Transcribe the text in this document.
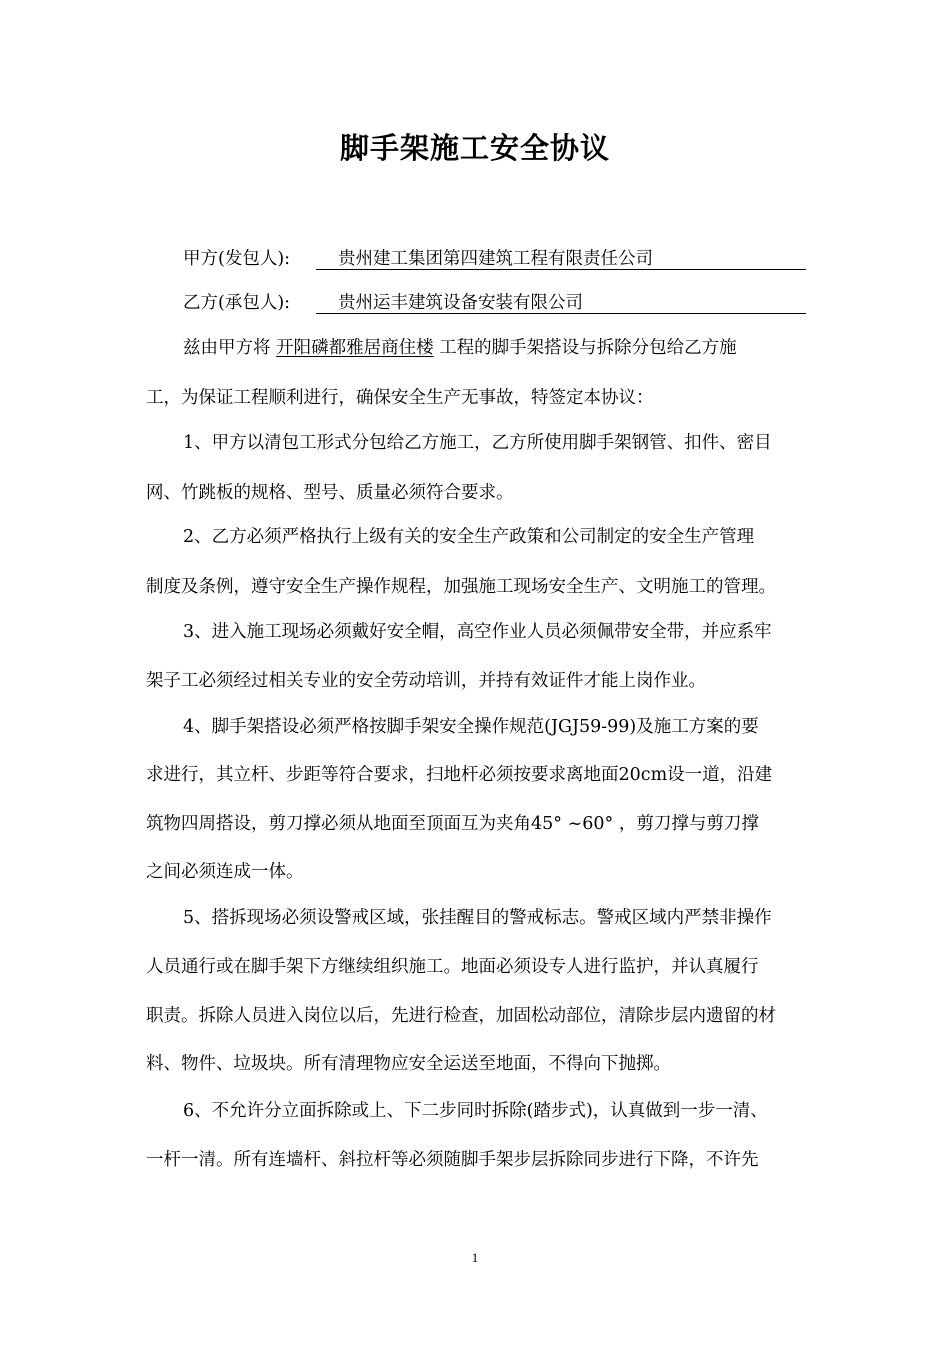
脚手架施工安全协议
甲方(发包人):	贵州建工集团第四建筑工程有限责任公司
乙方(承包人):	贵州运丰建筑设备安装有限公司
兹由甲方将 开阳磷都雅居商住楼 工程的脚手架搭设与拆除分包给乙方施
工，为保证工程顺利进行，确保安全生产无事故，特签定本协议：
1、甲方以清包工形式分包给乙方施工，乙方所使用脚手架钢管、扣件、密目
网、竹跳板的规格、型号、质量必须符合要求。
2、乙方必须严格执行上级有关的安全生产政策和公司制定的安全生产管理
制度及条例，遵守安全生产操作规程，加强施工现场安全生产、文明施工的管理。
3、进入施工现场必须戴好安全帽，高空作业人员必须佩带安全带，并应系牢
架子工必须经过相关专业的安全劳动培训，并持有效证件才能上岗作业。
4、脚手架搭设必须严格按脚手架安全操作规范(JGJ59-99)及施工方案的要
求进行，其立杆、步距等符合要求，扫地杆必须按要求离地面20cm设一道，沿建
筑物四周搭设，剪刀撑必须从地面至顶面互为夹角45° ~60° ，剪刀撑与剪刀撑
之间必须连成一体。
5、搭拆现场必须设警戒区域，张挂醒目的警戒标志。警戒区域内严禁非操作
人员通行或在脚手架下方继续组织施工。地面必须设专人进行监护，并认真履行
职责。拆除人员进入岗位以后，先进行检查，加固松动部位，清除步层内遗留的材
料、物件、垃圾块。所有清理物应安全运送至地面，不得向下抛掷。
6、不允许分立面拆除或上、下二步同时拆除(踏步式)，认真做到一步一清、
一杆一清。所有连墙杆、斜拉杆等必须随脚手架步层拆除同步进行下降，不许先
1
